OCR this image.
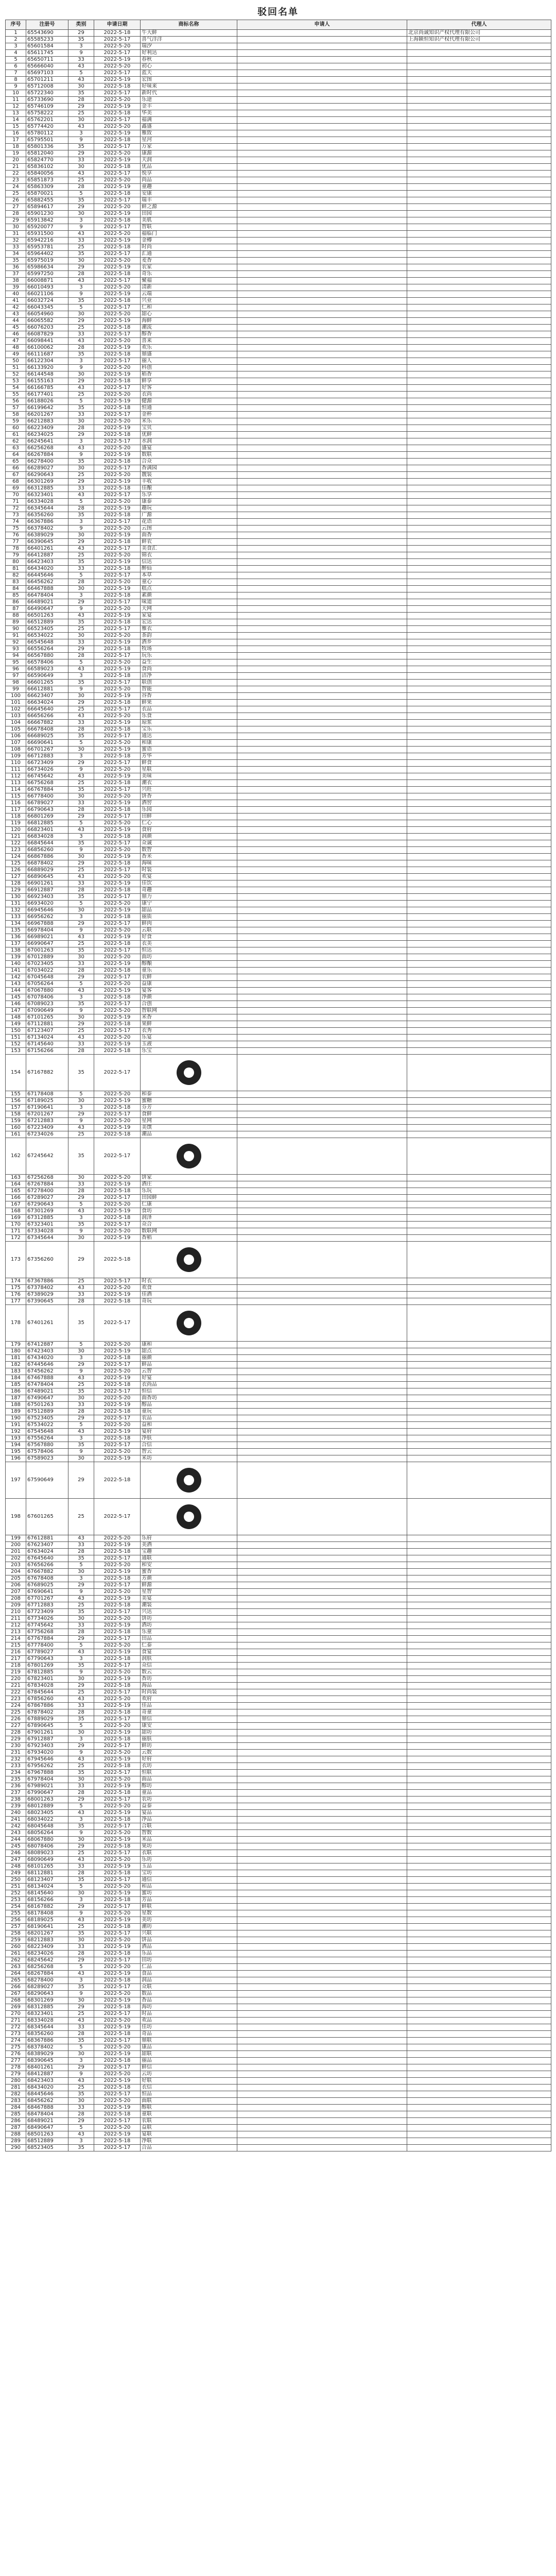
驳回名单
序号	注册号	类别	申请日期	商标名称	申请人	代理人
1	65543690	29	2022-5-18	牛大鲜		北京尚诚知识产权代理有限公司
2	65585233	35	2022-5-17	喜气洋洋		上海颖恒知识产权代理有限公司
3	65601584	3	2022-5-20	瑞汐		
4	65611745	9	2022-5-17	好利达		
5	65650711	33	2022-5-19	春秋		
6	65666040	43	2022-5-20	初心		
7	65697103	5	2022-5-17	蓝天		
8	65701211	43	2022-5-19	宏图		
9	65712008	30	2022-5-18	好味来		
10	65722340	35	2022-5-17	新时代		
11	65733690	28	2022-5-20	乐途		
12	65746109	29	2022-5-19	金丰		
13	65758222	25	2022-5-18	华美		
14	65762201	30	2022-5-17	福满		
15	65774420	43	2022-5-20	鑫盛		
16	65780112	3	2022-5-19	雅致		
17	65795501	9	2022-5-18	星河		
18	65801336	35	2022-5-17	万家		
19	65812040	29	2022-5-20	康源		
20	65824770	33	2022-5-19	天润		
21	65836102	30	2022-5-18	优品		
22	65840056	43	2022-5-17	悦享		
23	65851873	25	2022-5-20	尚品		
24	65863309	28	2022-5-19	童趣		
25	65870021	5	2022-5-18	安康		
26	65882455	35	2022-5-17	瑞丰		
27	65894617	29	2022-5-20	鲜之源		
28	65901230	30	2022-5-19	田园		
29	65913842	3	2022-5-18	美肌		
30	65920077	9	2022-5-17	智联		
31	65931500	43	2022-5-20	福临门		
32	65942216	33	2022-5-19	金樽		
33	65953781	25	2022-5-18	时尚		
34	65964402	35	2022-5-17	汇通		
35	65975019	30	2022-5-20	麦香		
36	65986634	29	2022-5-19	农家		
37	65997250	28	2022-5-18	奇乐		
38	66008871	43	2022-5-17	聚福		
39	66010493	3	2022-5-20	清新		
40	66021106	9	2022-5-19	云端		
41	66032724	35	2022-5-18	兴业		
42	66043345	5	2022-5-17	仁和		
43	66054960	30	2022-5-20	甜心		
44	66065582	29	2022-5-19	海鲜		
45	66076203	25	2022-5-18	潮流		
46	66087829	33	2022-5-17	醇香		
47	66098441	43	2022-5-20	喜来		
48	66100062	28	2022-5-19	欢乐		
49	66111687	35	2022-5-18	鼎盛		
50	66122304	3	2022-5-17	丽人		
51	66133920	9	2022-5-20	科创		
52	66144548	30	2022-5-19	稻香		
53	66155163	29	2022-5-18	鲜享		
54	66166785	43	2022-5-17	好客		
55	66177401	25	2022-5-20	衣尚		
56	66188026	5	2022-5-19	健源		
57	66199642	35	2022-5-18	恒通		
58	66201267	33	2022-5-17	金杯		
59	66212883	30	2022-5-20	米乐		
60	66223409	28	2022-5-19	宝贝		
61	66234025	29	2022-5-18	优鲜		
62	66245641	3	2022-5-17	水润		
63	66256268	43	2022-5-20	盛宴		
64	66267884	9	2022-5-19	数联		
65	66278400	35	2022-5-18	合众		
66	66289027	30	2022-5-17	香满园		
67	66290643	25	2022-5-20	靓装		
68	66301269	29	2022-5-19	丰收		
69	66312885	33	2022-5-18	佳酿		
70	66323401	43	2022-5-17	乐享		
71	66334028	5	2022-5-20	康泰		
72	66345644	28	2022-5-19	趣玩		
73	66356260	35	2022-5-18	广源		
74	66367886	3	2022-5-17	花语		
75	66378402	9	2022-5-20	云图		
76	66389029	30	2022-5-19	面香		
77	66390645	29	2022-5-18	鲜农		
78	66401261	43	2022-5-17	美食汇		
79	66412887	25	2022-5-20	锦衣		
80	66423403	35	2022-5-19	信达		
81	66434020	33	2022-5-18	醉仙		
82	66445646	5	2022-5-17	本草		
83	66456262	28	2022-5-20	童心		
84	66467888	30	2022-5-19	糕点		
85	66478404	3	2022-5-18	素颜		
86	66489021	29	2022-5-17	味道		
87	66490647	9	2022-5-20	天网		
88	66501263	43	2022-5-19	家宴		
89	66512889	35	2022-5-18	宏达		
90	66523405	25	2022-5-17	雅衣		
91	66534022	30	2022-5-20	茶韵		
92	66545648	33	2022-5-19	酒乡		
93	66556264	29	2022-5-18	牧场		
94	66567880	28	2022-5-17	玩乐		
95	66578406	5	2022-5-20	益生		
96	66589023	43	2022-5-19	食尚		
97	66590649	3	2022-5-18	洁净		
98	66601265	35	2022-5-17	联创		
99	66612881	9	2022-5-20	智能		
100	66623407	30	2022-5-19	谷香		
101	66634024	29	2022-5-18	鲜果		
102	66645640	25	2022-5-17	衣品		
103	66656266	43	2022-5-20	乐食		
104	66667882	33	2022-5-19	琼浆		
105	66678408	28	2022-5-18	宝乐		
106	66689025	35	2022-5-17	通达		
107	66690641	5	2022-5-20	和康		
108	66701267	30	2022-5-19	蜜语		
109	66712883	3	2022-5-18	芳华		
110	66723409	29	2022-5-17	鲜食		
111	66734026	9	2022-5-20	星联		
112	66745642	43	2022-5-19	美味		
113	66756268	25	2022-5-18	潮衣		
114	66767884	35	2022-5-17	兴旺		
115	66778400	30	2022-5-20	饼香		
116	66789027	33	2022-5-19	酒窖		
117	66790643	28	2022-5-18	乐园		
118	66801269	29	2022-5-17	田鲜		
119	66812885	5	2022-5-20	仁心		
120	66823401	43	2022-5-19	食府		
121	66834028	3	2022-5-18	润颜		
122	66845644	35	2022-5-17	众诚		
123	66856260	9	2022-5-20	数智		
124	66867886	30	2022-5-19	香米		
125	66878402	29	2022-5-18	海味		
126	66889029	25	2022-5-17	时装		
127	66890645	43	2022-5-20	欢宴		
128	66901261	33	2022-5-19	佳饮		
129	66912887	28	2022-5-18	奇趣		
130	66923403	35	2022-5-17	鼎力		
131	66934020	5	2022-5-20	康宁		
132	66945646	30	2022-5-19	甜品		
133	66956262	3	2022-5-18	丽质		
134	66967888	29	2022-5-17	鲜肉		
135	66978404	9	2022-5-20	云联		
136	66989021	43	2022-5-19	好食		
137	66990647	25	2022-5-18	衣美		
138	67001263	35	2022-5-17	恒达		
139	67012889	30	2022-5-20	面坊		
140	67023405	33	2022-5-19	醇酿		
141	67034022	28	2022-5-18	童乐		
142	67045648	29	2022-5-17	农鲜		
143	67056264	5	2022-5-20	益康		
144	67067880	43	2022-5-19	宴客		
145	67078406	3	2022-5-18	净颜		
146	67089023	35	2022-5-17	合创		
147	67090649	9	2022-5-20	智联网		
148	67101265	30	2022-5-19	米香		
149	67112881	29	2022-5-18	果鲜		
150	67123407	25	2022-5-17	衣秀		
151	67134024	43	2022-5-20	乐宴		
152	67145640	33	2022-5-19	玉液		
153	67156266	28	2022-5-18	乐宝		
154	67167882	35	2022-5-17	

155	67178408	5	2022-5-20	和泰		
156	67189025	30	2022-5-19	蜜糖		
157	67190641	3	2022-5-18	芬芳		
158	67201267	29	2022-5-17	食鲜		
159	67212883	9	2022-5-20	星网		
160	67223409	43	2022-5-19	美馔		
161	67234026	25	2022-5-18	潮品		
162	67245642	35	2022-5-17	

163	67256268	30	2022-5-20	饼家		
164	67267884	33	2022-5-19	酒庄		
165	67278400	28	2022-5-18	乐玩		
166	67289027	29	2022-5-17	田园鲜		
167	67290643	5	2022-5-20	仁康		
168	67301269	43	2022-5-19	食坊		
169	67312885	3	2022-5-18	润泽		
170	67323401	35	2022-5-17	众合		
171	67334028	9	2022-5-20	数联网		
172	67345644	30	2022-5-19	香稻		
173	67356260	29	2022-5-18	

174	67367886	25	2022-5-17	时衣		
175	67378402	43	2022-5-20	欢食		
176	67389029	33	2022-5-19	佳酒		
177	67390645	28	2022-5-18	奇玩		
178	67401261	35	2022-5-17	

179	67412887	5	2022-5-20	康和		
180	67423403	30	2022-5-19	甜点		
181	67434020	3	2022-5-18	丽颜		
182	67445646	29	2022-5-17	鲜品		
183	67456262	9	2022-5-20	云智		
184	67467888	43	2022-5-19	好宴		
185	67478404	25	2022-5-18	衣尚品		
186	67489021	35	2022-5-17	恒信		
187	67490647	30	2022-5-20	面香坊		
188	67501263	33	2022-5-19	醇品		
189	67512889	28	2022-5-18	童玩		
190	67523405	29	2022-5-17	农品		
191	67534022	5	2022-5-20	益和		
192	67545648	43	2022-5-19	宴府		
193	67556264	3	2022-5-18	净肤		
194	67567880	35	2022-5-17	合信		
195	67578406	9	2022-5-20	智云		
196	67589023	30	2022-5-19	米坊		
197	67590649	29	2022-5-18	

198	67601265	25	2022-5-17	

199	67612881	43	2022-5-20	乐府		
200	67623407	33	2022-5-19	美酒		
201	67634024	28	2022-5-18	宝趣		
202	67645640	35	2022-5-17	通联		
203	67656266	5	2022-5-20	和安		
204	67667882	30	2022-5-19	蜜香		
205	67678408	3	2022-5-18	芳颜		
206	67689025	29	2022-5-17	鲜源		
207	67690641	9	2022-5-20	星智		
208	67701267	43	2022-5-19	美宴		
209	67712883	25	2022-5-18	潮装		
210	67723409	35	2022-5-17	兴达		
211	67734026	30	2022-5-20	饼坊		
212	67745642	33	2022-5-19	酒坊		
213	67756268	28	2022-5-18	乐童		
214	67767884	29	2022-5-17	田品		
215	67778400	5	2022-5-20	仁泰		
216	67789027	43	2022-5-19	食宴		
217	67790643	3	2022-5-18	润肤		
218	67801269	35	2022-5-17	众信		
219	67812885	9	2022-5-20	数云		
220	67823401	30	2022-5-19	香坊		
221	67834028	29	2022-5-18	海品		
222	67845644	25	2022-5-17	时尚装		
223	67856260	43	2022-5-20	欢府		
224	67867886	33	2022-5-19	佳品		
225	67878402	28	2022-5-18	奇童		
226	67889029	35	2022-5-17	鼎信		
227	67890645	5	2022-5-20	康安		
228	67901261	30	2022-5-19	甜坊		
229	67912887	3	2022-5-18	丽肤		
230	67923403	29	2022-5-17	鲜坊		
231	67934020	9	2022-5-20	云数		
232	67945646	43	2022-5-19	好府		
233	67956262	25	2022-5-18	衣坊		
234	67967888	35	2022-5-17	恒联		
235	67978404	30	2022-5-20	面品		
236	67989021	33	2022-5-19	醇坊		
237	67990647	28	2022-5-18	童品		
238	68001263	29	2022-5-17	农坊		
239	68012889	5	2022-5-20	益泰		
240	68023405	43	2022-5-19	宴品		
241	68034022	3	2022-5-18	净品		
242	68045648	35	2022-5-17	合联		
243	68056264	9	2022-5-20	智数		
244	68067880	30	2022-5-19	米品		
245	68078406	29	2022-5-18	果坊		
246	68089023	25	2022-5-17	衣联		
247	68090649	43	2022-5-20	乐坊		
248	68101265	33	2022-5-19	玉品		
249	68112881	28	2022-5-18	宝坊		
250	68123407	35	2022-5-17	通信		
251	68134024	5	2022-5-20	和品		
252	68145640	30	2022-5-19	蜜坊		
253	68156266	3	2022-5-18	芳品		
254	68167882	29	2022-5-17	鲜联		
255	68178408	9	2022-5-20	星数		
256	68189025	43	2022-5-19	美坊		
257	68190641	25	2022-5-18	潮坊		
258	68201267	35	2022-5-17	兴联		
259	68212883	30	2022-5-20	饼品		
260	68223409	33	2022-5-19	酒品		
261	68234026	28	2022-5-18	乐品		
262	68245642	29	2022-5-17	田坊		
263	68256268	5	2022-5-20	仁品		
264	68267884	43	2022-5-19	食品		
265	68278400	3	2022-5-18	润品		
266	68289027	35	2022-5-17	众联		
267	68290643	9	2022-5-20	数品		
268	68301269	30	2022-5-19	香品		
269	68312885	29	2022-5-18	海坊		
270	68323401	25	2022-5-17	时品		
271	68334028	43	2022-5-20	欢品		
272	68345644	33	2022-5-19	佳坊		
273	68356260	28	2022-5-18	奇品		
274	68367886	35	2022-5-17	鼎联		
275	68378402	5	2022-5-20	康品		
276	68389029	30	2022-5-19	甜联		
277	68390645	3	2022-5-18	丽品		
278	68401261	29	2022-5-17	鲜信		
279	68412887	9	2022-5-20	云坊		
280	68423403	43	2022-5-19	好联		
281	68434020	25	2022-5-18	衣信		
282	68445646	35	2022-5-17	恒品		
283	68456262	30	2022-5-20	面联		
284	68467888	33	2022-5-19	醇联		
285	68478404	28	2022-5-18	童联		
286	68489021	29	2022-5-17	农联		
287	68490647	5	2022-5-20	益联		
288	68501263	43	2022-5-19	宴联		
289	68512889	3	2022-5-18	净联		
290	68523405	35	2022-5-17	合品		
